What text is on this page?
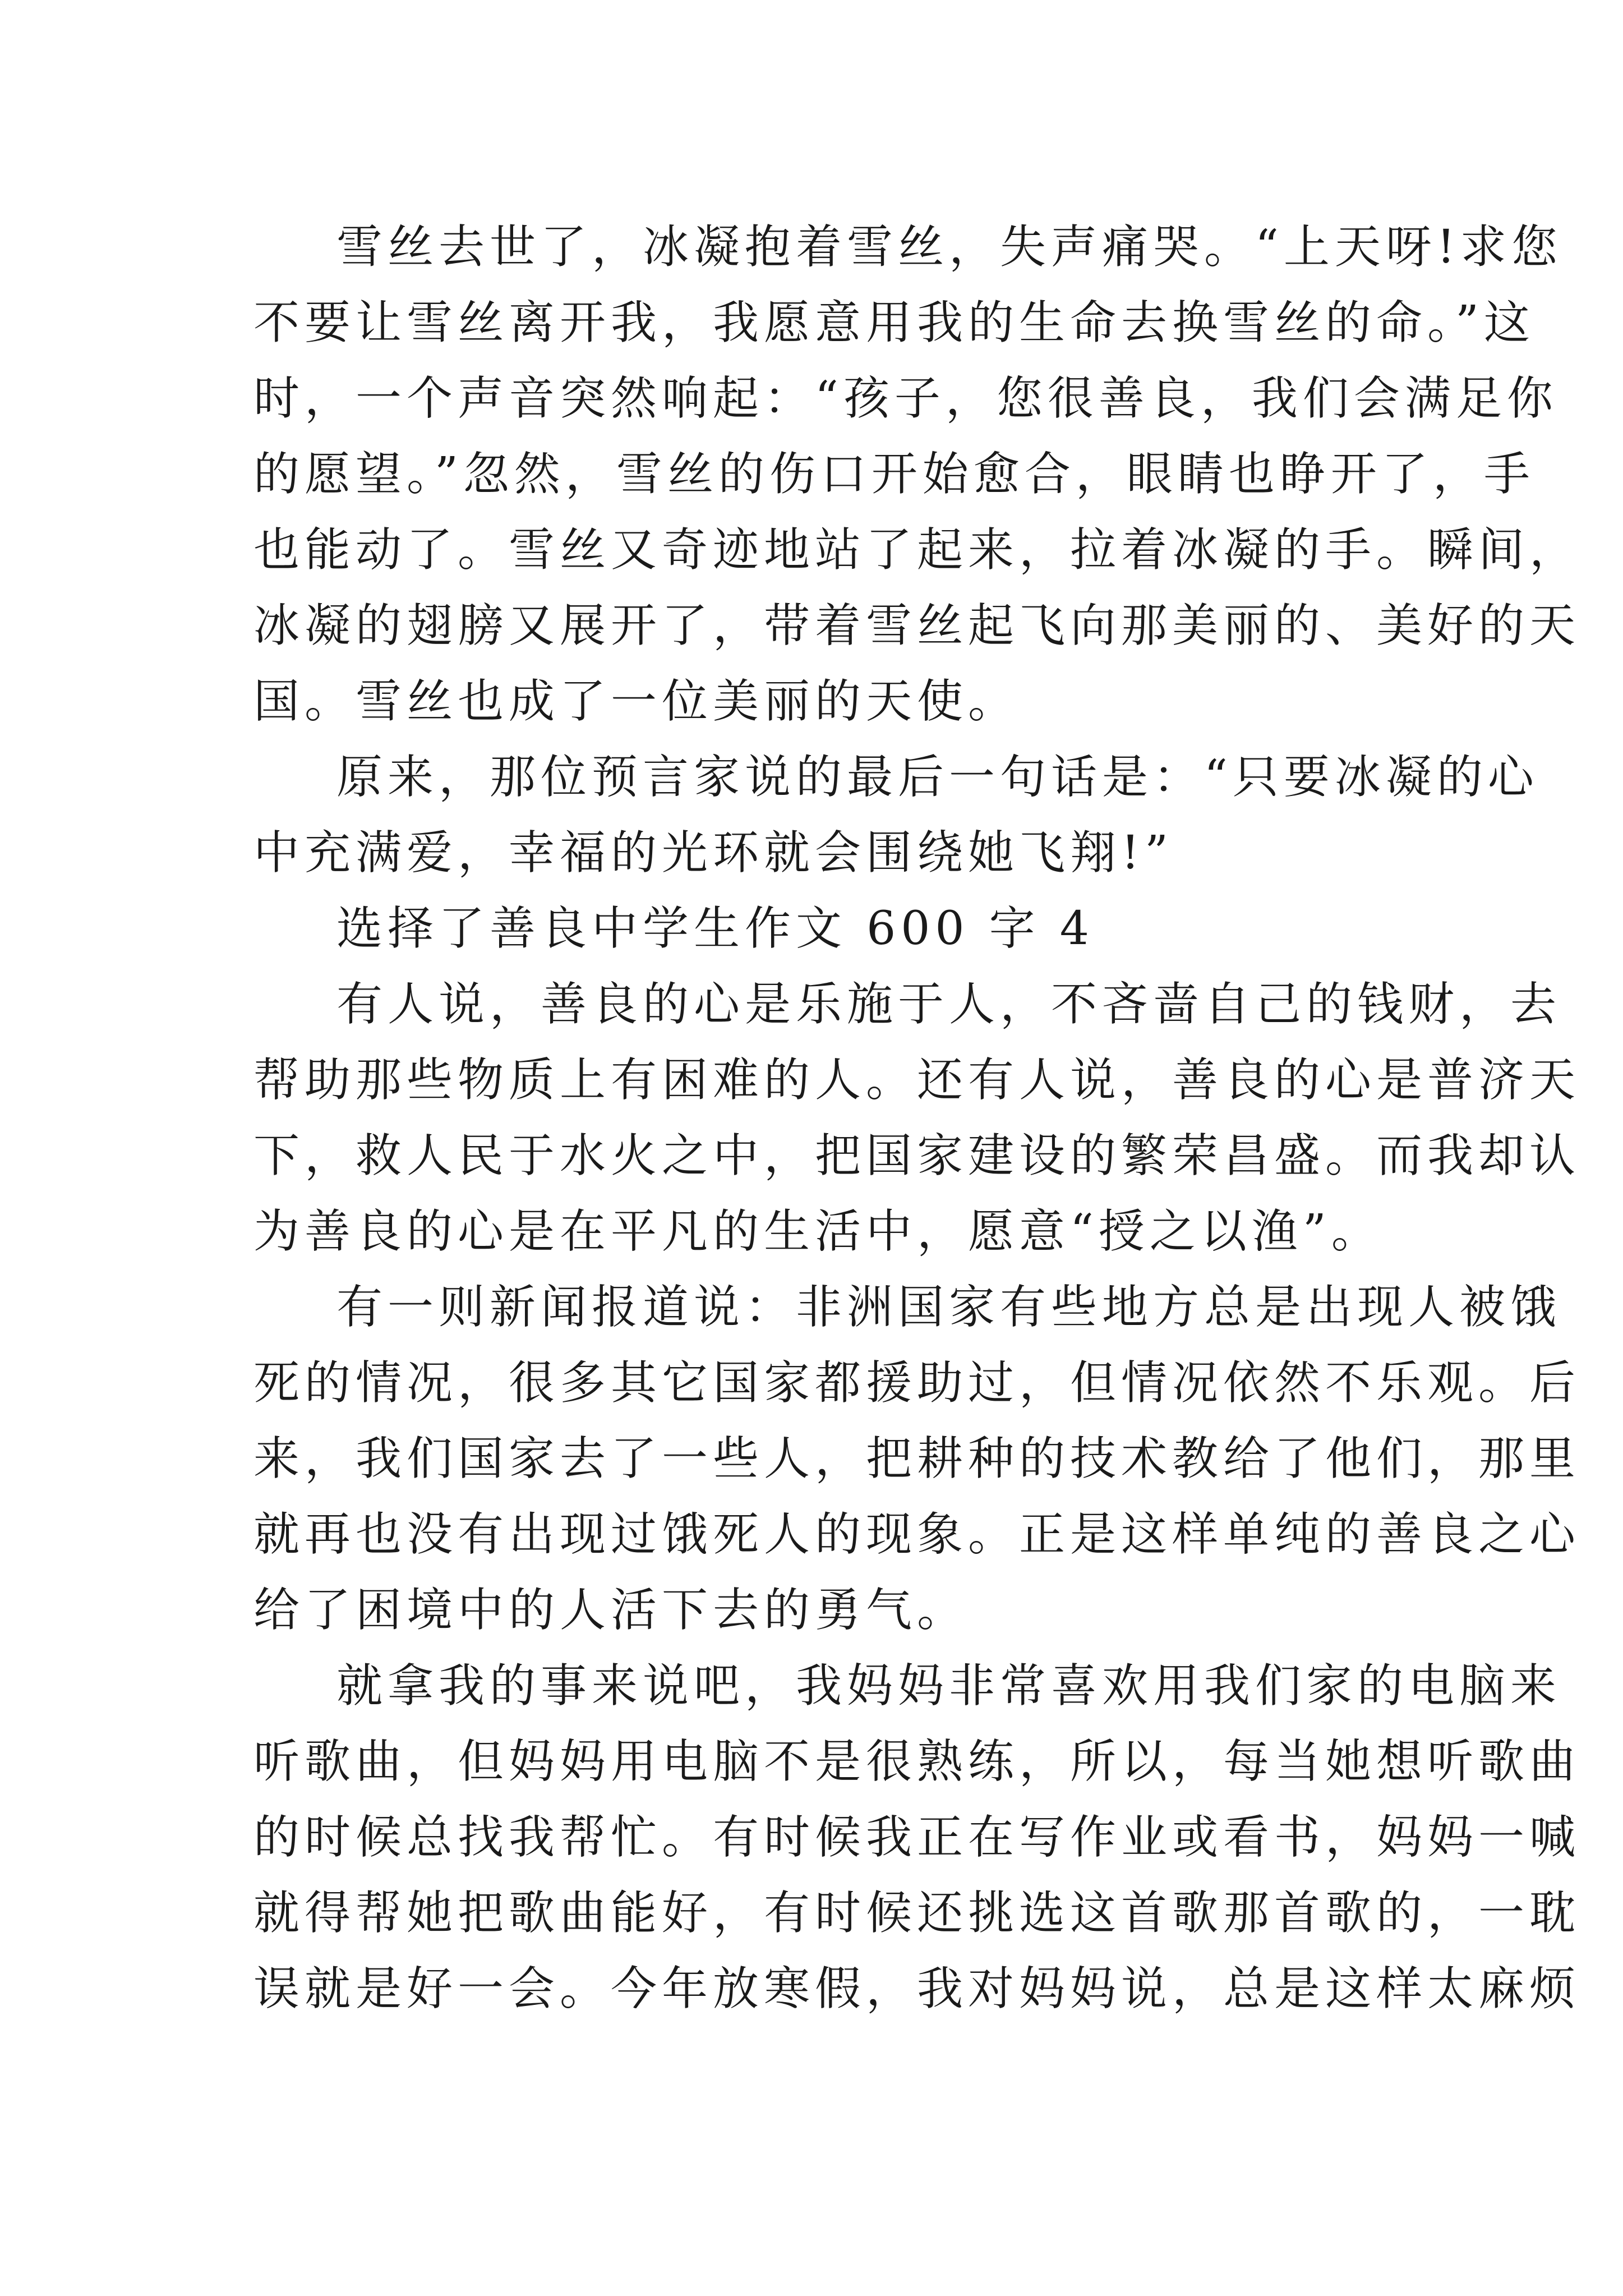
雪丝去世了，冰凝抱着雪丝，失声痛哭。“上天呀!求您
不要让雪丝离开我，我愿意用我的生命去换雪丝的命。”这
时，一个声音突然响起：“孩子，您很善良，我们会满足你
的愿望。”忽然，雪丝的伤口开始愈合，眼睛也睁开了，手
也能动了。雪丝又奇迹地站了起来，拉着冰凝的手。瞬间，
冰凝的翅膀又展开了，带着雪丝起飞向那美丽的、美好的天
国。雪丝也成了一位美丽的天使。
原来，那位预言家说的最后一句话是：“只要冰凝的心
中充满爱，幸福的光环就会围绕她飞翔!”
选择了善良中学生作文 600 字 4
有人说，善良的心是乐施于人，不吝啬自己的钱财，去
帮助那些物质上有困难的人。还有人说，善良的心是普济天
下，救人民于水火之中，把国家建设的繁荣昌盛。而我却认
为善良的心是在平凡的生活中，愿意“授之以渔”。
有一则新闻报道说：非洲国家有些地方总是出现人被饿
死的情况，很多其它国家都援助过，但情况依然不乐观。后
来，我们国家去了一些人，把耕种的技术教给了他们，那里
就再也没有出现过饿死人的现象。正是这样单纯的善良之心
给了困境中的人活下去的勇气。
就拿我的事来说吧，我妈妈非常喜欢用我们家的电脑来
听歌曲，但妈妈用电脑不是很熟练，所以，每当她想听歌曲
的时候总找我帮忙。有时候我正在写作业或看书，妈妈一喊
就得帮她把歌曲能好，有时候还挑选这首歌那首歌的，一耽
误就是好一会。今年放寒假，我对妈妈说，总是这样太麻烦
